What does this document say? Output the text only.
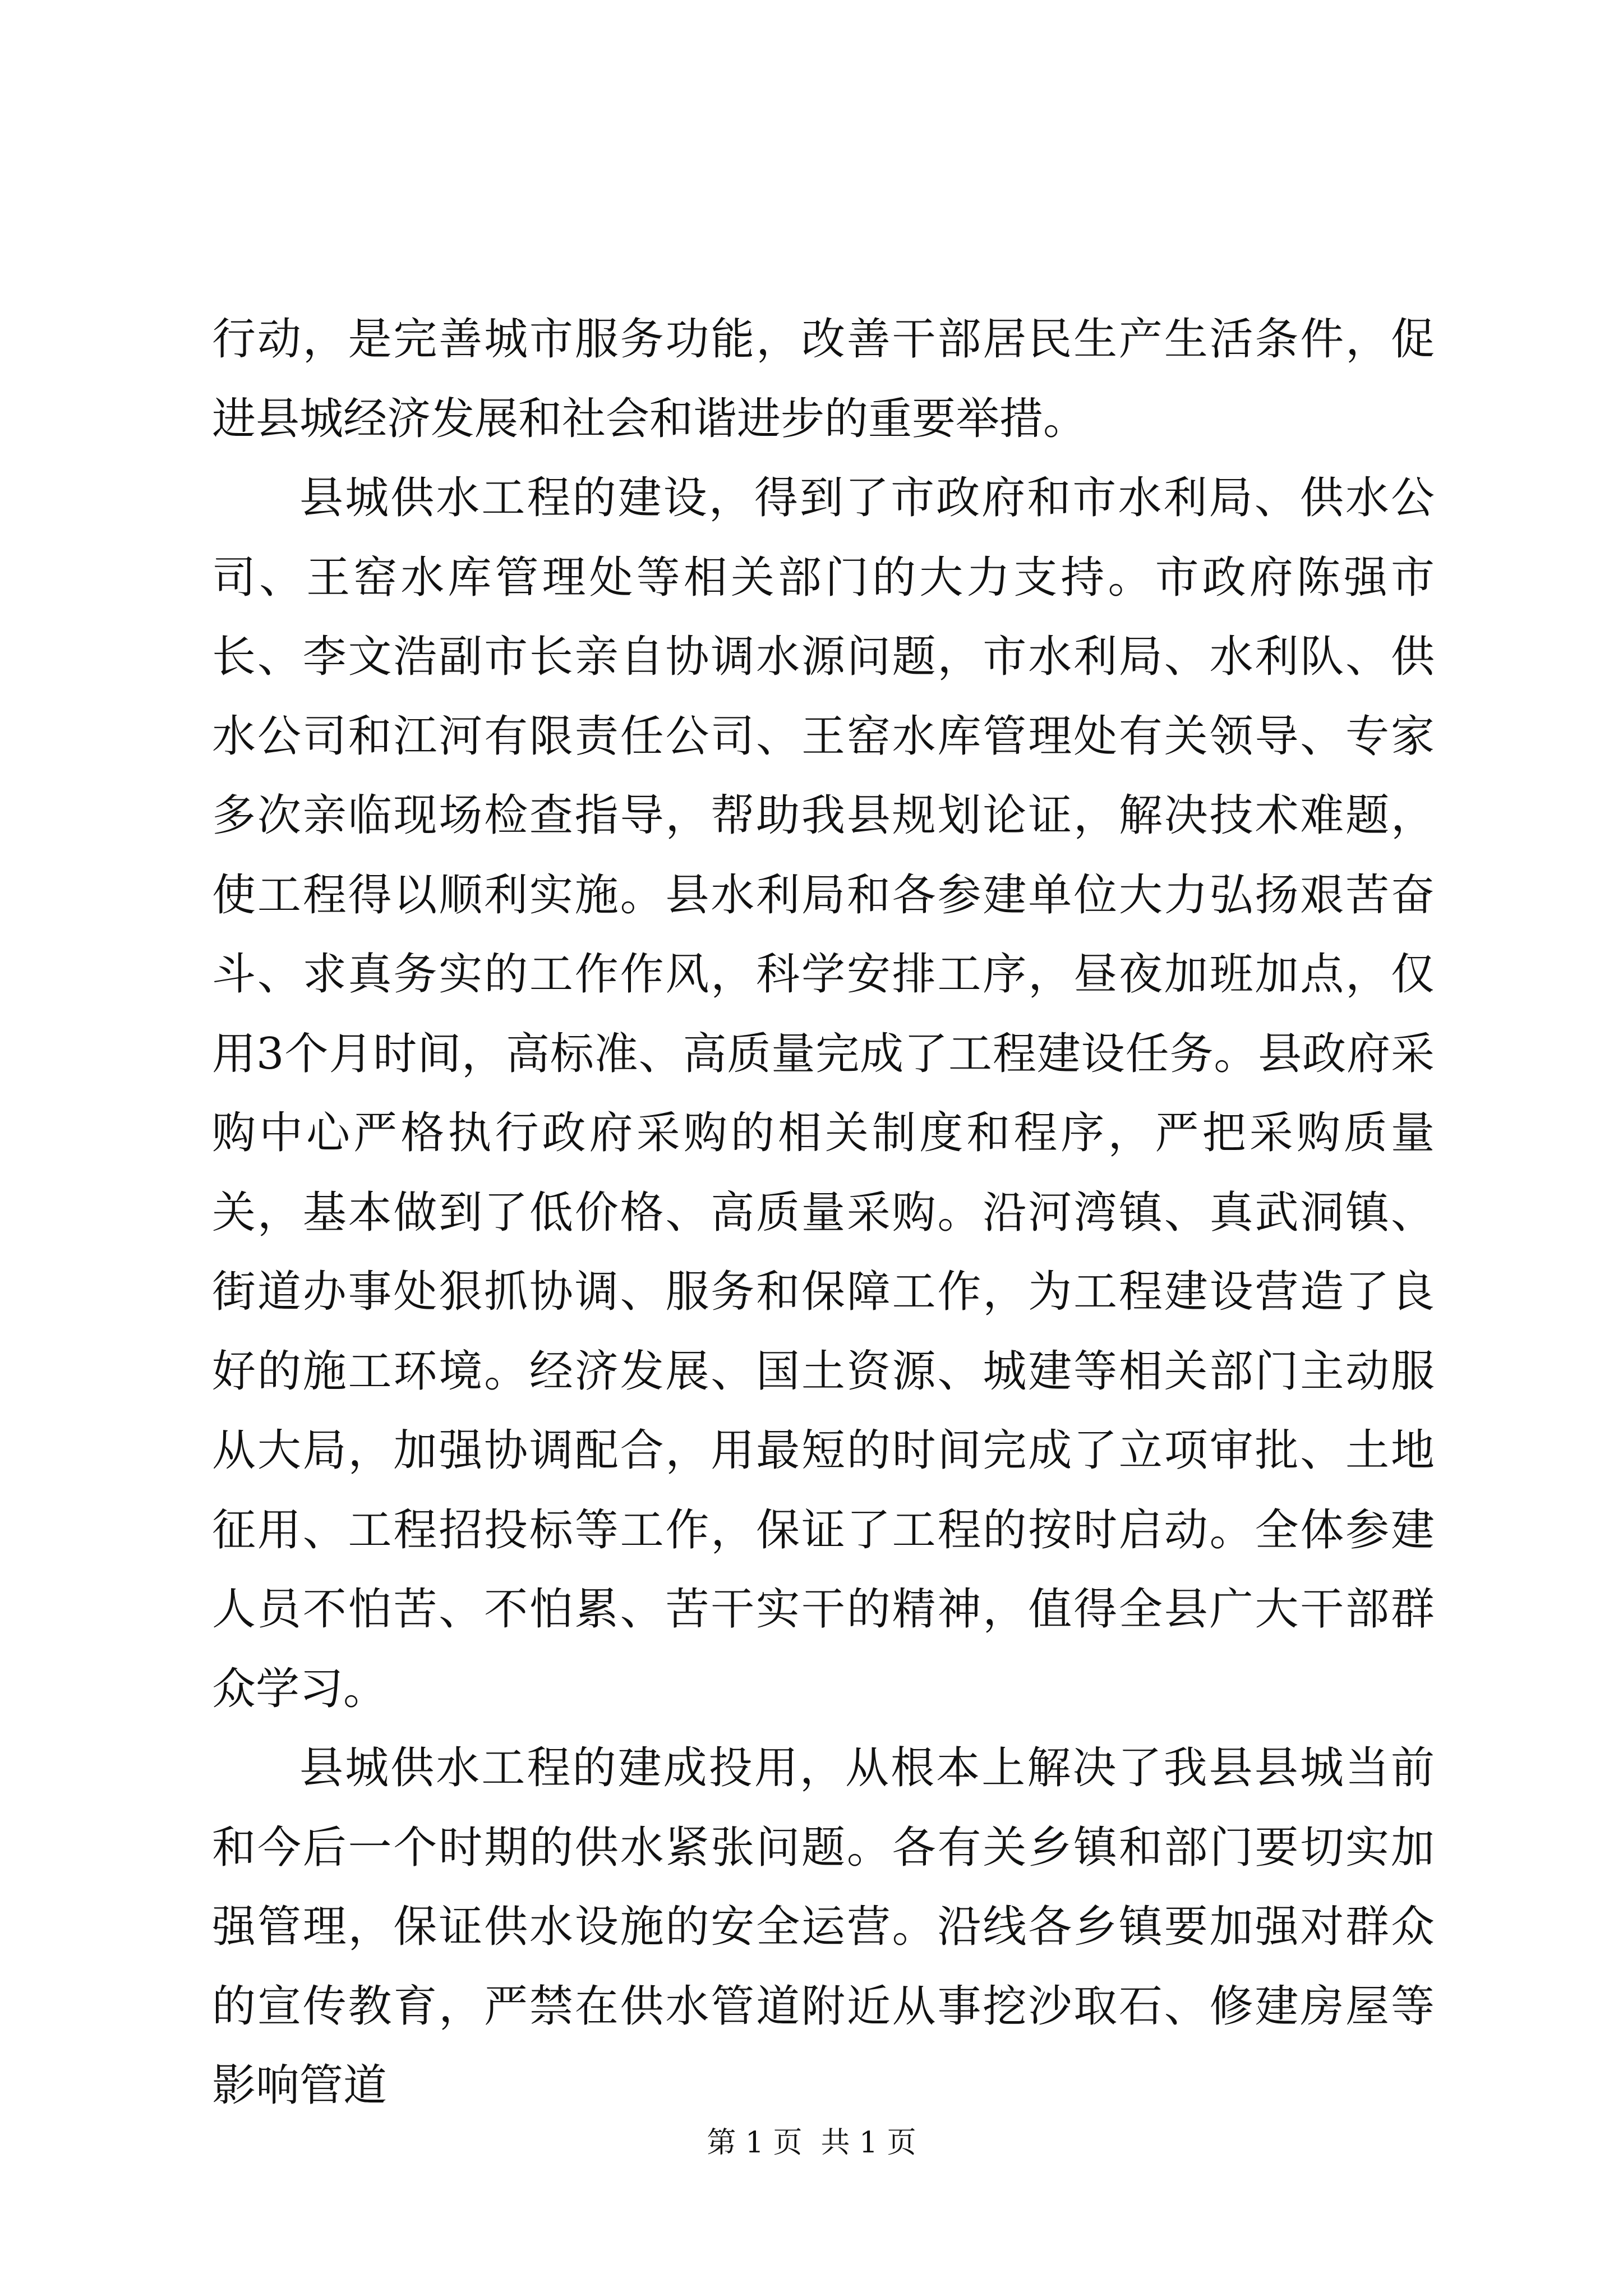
行动，是完善城市服务功能，改善干部居民生产生活条件，促进县城经济发展和社会和谐进步的重要举措。

县城供水工程的建设，得到了市政府和市水利局、供水公司、王窑水库管理处等相关部门的大力支持。市政府陈强市长、李文浩副市长亲自协调水源问题，市水利局、水利队、供水公司和江河有限责任公司、王窑水库管理处有关领导、专家多次亲临现场检查指导，帮助我县规划论证，解决技术难题，使工程得以顺利实施。县水利局和各参建单位大力弘扬艰苦奋斗、求真务实的工作作风，科学安排工序，昼夜加班加点，仅用3个月时间，高标准、高质量完成了工程建设任务。县政府采购中心严格执行政府采购的相关制度和程序，严把采购质量关，基本做到了低价格、高质量采购。沿河湾镇、真武洞镇、街道办事处狠抓协调、服务和保障工作，为工程建设营造了良好的施工环境。经济发展、国土资源、城建等相关部门主动服从大局，加强协调配合，用最短的时间完成了立项审批、土地征用、工程招投标等工作，保证了工程的按时启动。全体参建人员不怕苦、不怕累、苦干实干的精神，值得全县广大干部群众学习。

县城供水工程的建成投用，从根本上解决了我县县城当前和今后一个时期的供水紧张问题。各有关乡镇和部门要切实加强管理，保证供水设施的安全运营。沿线各乡镇要加强对群众的宣传教育，严禁在供水管道附近从事挖沙取石、修建房屋等影响管道

第 1 页  共 1 页
